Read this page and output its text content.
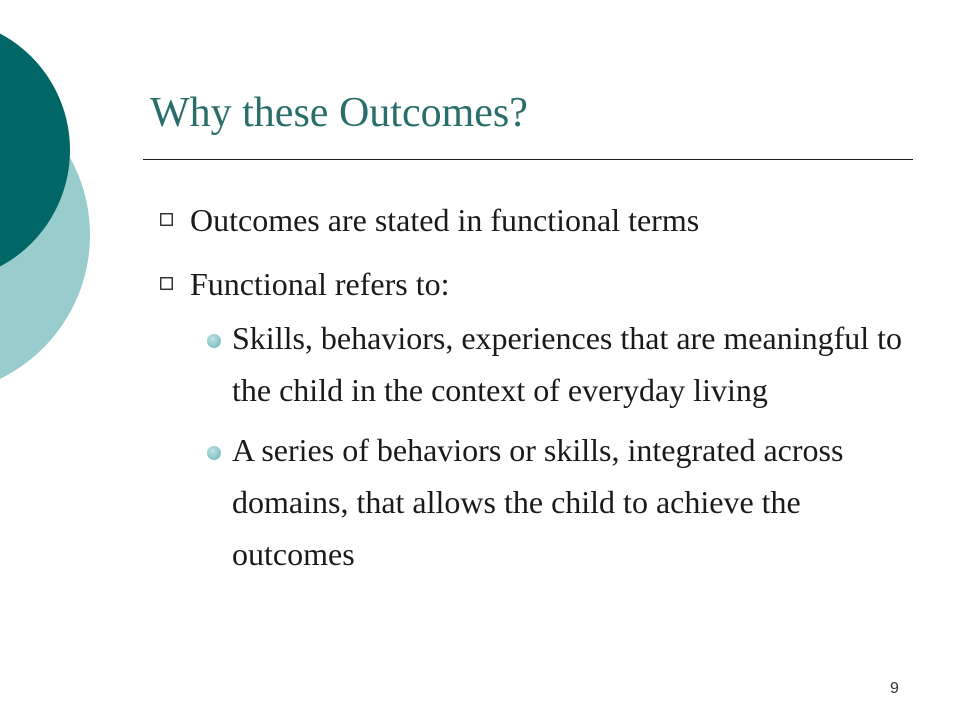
Why these Outcomes?
Outcomes are stated in functional terms
Functional refers to:
Skills, behaviors, experiences that are meaningful to the child in the context of everyday living
A series of behaviors or skills, integrated across domains, that allows the child to achieve the outcomes
9
